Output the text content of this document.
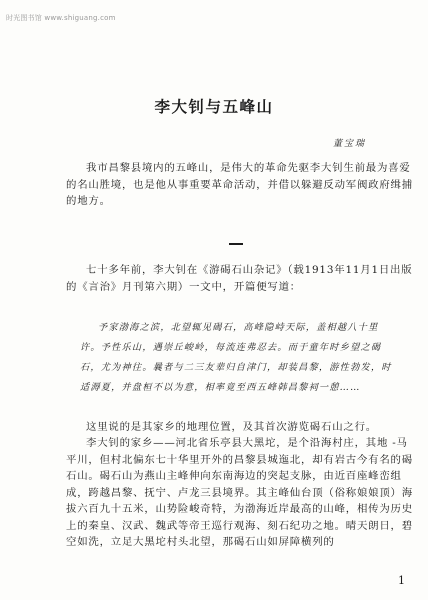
时光图书馆 www.shiguang.com
李大钊与五峰山
董宝瑞

我市昌黎县境内的五峰山，是伟大的革命先驱李大钊生前最为喜爱的名山胜境，也是他从事重要革命活动，并借以躲避反动军阀政府缉捕的地方。

七十多年前，李大钊在《游碣石山杂记》（载1913年11月1日出版的《言治》月刊第六期）一文中，开篇便写道：

予家渤海之滨，北望辄见碣石，高峰隐峙天际，盖相越八十里许。予性乐山，遇崇丘峻岭，每流连弗忍去。而于童年时乡望之碣石，尤为神往。曩者与二三友辈归自津门，却装昌黎，游性勃发，时适溽夏，并盘桓不以为意，相率竟至西五峰韩昌黎祠一憩……

这里说的是其家乡的地理位置，及其首次游览碣石山之行。

李大钊的家乡——河北省乐亭县大黑坨，是个沿海村庄，其地 -马平川，但村北偏东七十华里开外的昌黎县城迤北，却有岩古今有名的碣石山。碣石山为燕山主峰伸向东南海边的突起支脉，由近百座峰峦组成，跨越昌黎、抚宁、卢龙三县境界。其主峰仙台顶（俗称娘娘顶）海拔六百九十五米，山势险峻奇特，为渤海近岸最高的山峰，相传为历史上的秦皇、汉武、魏武等帝王巡行观海、刻石纪功之地。晴天朗日，碧空如洗，立足大黑坨村头北望，那碣石山如屏障横列的

1
